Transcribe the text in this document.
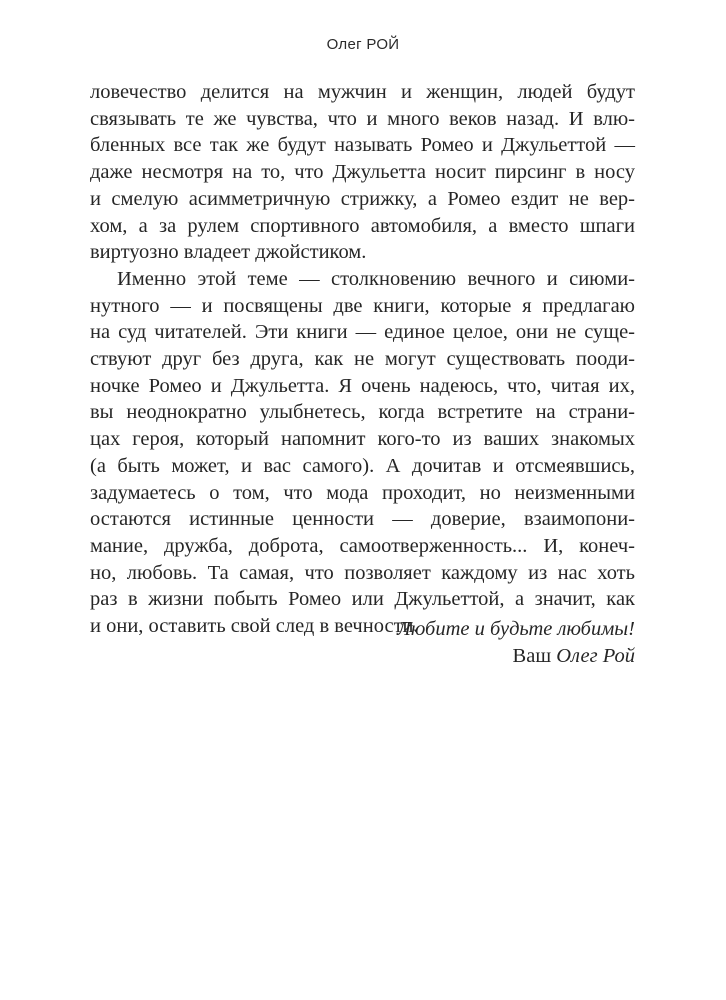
Олег РОЙ
ловечество делится на мужчин и женщин, людей будут
связывать те же чувства, что и много веков назад. И влю-
бленных все так же будут называть Ромео и Джульеттой —
даже несмотря на то, что Джульетта носит пирсинг в носу
и смелую асимметричную стрижку, а Ромео ездит не вер-
хом, а за рулем спортивного автомобиля, а вместо шпаги
виртуозно владеет джойстиком.
Именно этой теме — столкновению вечного и сиюми-
нутного — и посвящены две книги, которые я предлагаю
на суд читателей. Эти книги — единое целое, они не суще-
ствуют друг без друга, как не могут существовать пооди-
ночке Ромео и Джульетта. Я очень надеюсь, что, читая их,
вы неоднократно улыбнетесь, когда встретите на страни-
цах героя, который напомнит кого-то из ваших знакомых
(а быть может, и вас самого). А дочитав и отсмеявшись,
задумаетесь о том, что мода проходит, но неизменными
остаются истинные ценности — доверие, взаимопони-
мание, дружба, доброта, самоотверженность... И, конеч-
но, любовь. Та самая, что позволяет каждому из нас хоть
раз в жизни побыть Ромео или Джульеттой, а значит, как
и они, оставить свой след в вечности.
Любите и будьте любимы!
Ваш Олег Рой
